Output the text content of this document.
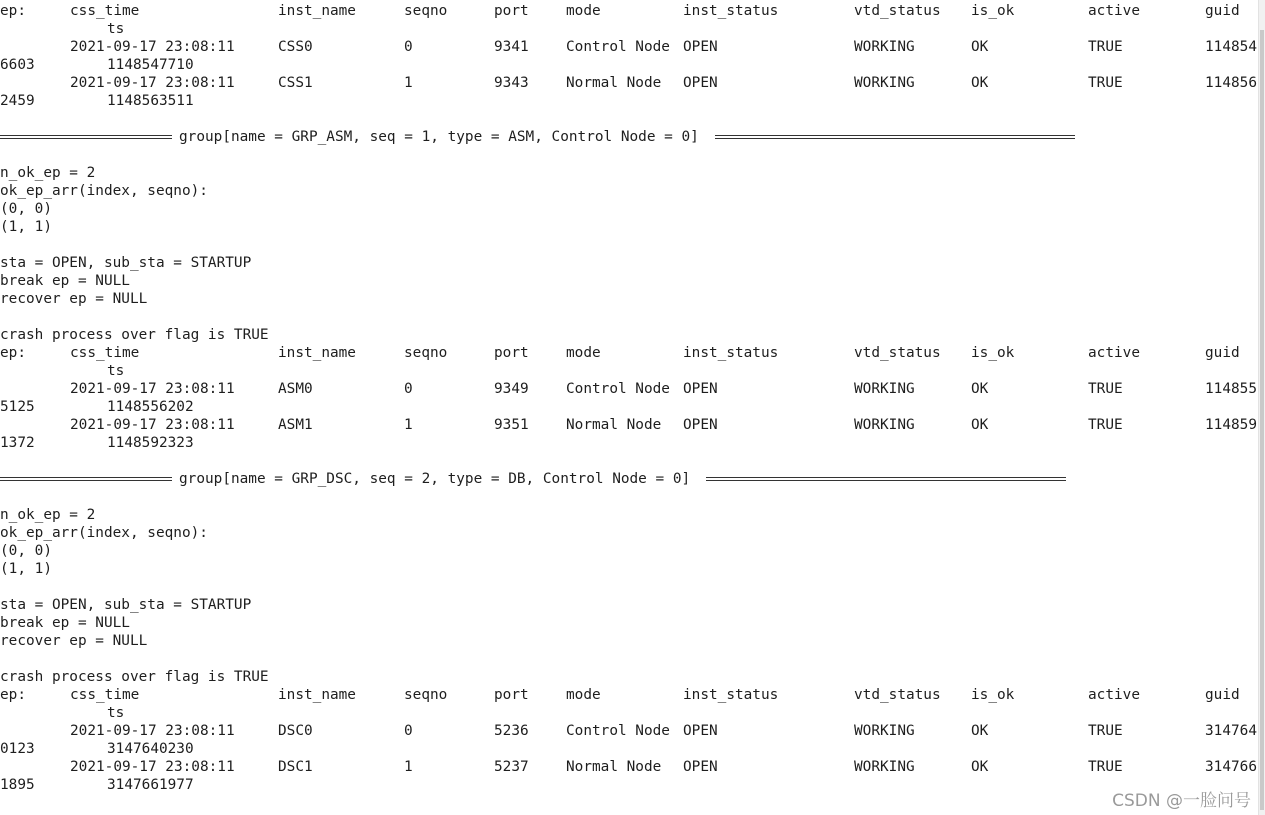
ep:	css_time	inst_name	seqno	port	mode	inst_status	vtd_status is_ok	active	guid
ts
2021-09-17 23:08:11	CSS0	0	9341	Control Node OPEN	WORKING	OK	TRUE	114854
6603	1148547710
2021-09-17 23:08:11	CSS1	1	9343	Normal Node OPEN	WORKING	OK	TRUE	114856
2459	1148563511
group[name = GRP_ASM, seq = 1, type = ASM, Control Node = 0]
n_ok_ep = 2
ok_ep_arr(index, seqno):
(0, 0)
(1, 1)
sta = OPEN, sub_sta = STARTUP
break ep = NULL
recover ep = NULL
crash process over flag is TRUE
ep:	css_time	inst_name	seqno	port	mode	inst_status	vtd_status is_ok	active	guid
ts
2021-09-17 23:08:11	ASM0	0	9349	Control Node OPEN	WORKING	OK	TRUE	114855
5125	1148556202
2021-09-17 23:08:11	ASM1	1	9351	Normal Node OPEN	WORKING	OK	TRUE	114859
1372	1148592323
group[name = GRP_DSC, seq = 2, type = DB, Control Node = 0]
n_ok_ep = 2
ok_ep_arr(index, seqno):
(0, 0)
(1, 1)
sta = OPEN, sub_sta = STARTUP
break ep = NULL
recover ep = NULL
crash process over flag is TRUE
ep:	css_time	inst_name	seqno	port	mode	inst_status	vtd_status is_ok	active	guid
ts
2021-09-17 23:08:11	DSC0	0	5236	Control Node OPEN	WORKING	OK	TRUE	314764
0123	3147640230
2021-09-17 23:08:11	DSC1	1	5237	Normal Node OPEN	WORKING	OK	TRUE	314766
1895	3147661977
CSDN @一脸问号
